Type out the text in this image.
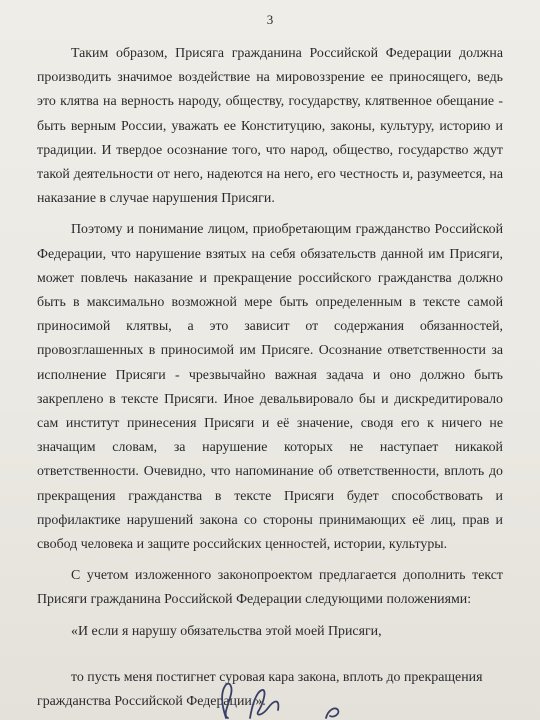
3

Таким образом, Присяга гражданина Российской Федерации должна производить значимое воздействие на мировоззрение ее приносящего, ведь это клятва на верность народу, обществу, государству, клятвенное обещание - быть верным России, уважать ее Конституцию, законы, культуру, историю и традиции. И твердое осознание того, что народ, общество, государство ждут такой деятельности от него, надеются на него, его честность и, разумеется, на наказание в случае нарушения Присяги.

Поэтому и понимание лицом, приобретающим гражданство Российской Федерации, что нарушение взятых на себя обязательств данной им Присяги, может повлечь наказание и прекращение российского гражданства должно быть в максимально возможной мере быть определенным в тексте самой приносимой клятвы, а это зависит от содержания обязанностей, провозглашенных в приносимой им Присяге. Осознание ответственности за исполнение Присяги - чрезвычайно важная задача и оно должно быть закреплено в тексте Присяги. Иное девальвировало бы и дискредитировало сам институт принесения Присяги и её значение, сводя его к ничего не значащим словам, за нарушение которых не наступает никакой ответственности. Очевидно, что напоминание об ответственности, вплоть до прекращения гражданства в тексте Присяги будет способствовать и профилактике нарушений закона со стороны принимающих её лиц, прав и свобод человека и защите российских ценностей, истории, культуры.

С учетом изложенного законопроектом предлагается дополнить текст Присяги гражданина Российской Федерации следующими положениями:

«И если я нарушу обязательства этой моей Присяги,

то пусть меня постигнет суровая кара закона, вплоть до прекращения гражданства Российской Федерации.».
